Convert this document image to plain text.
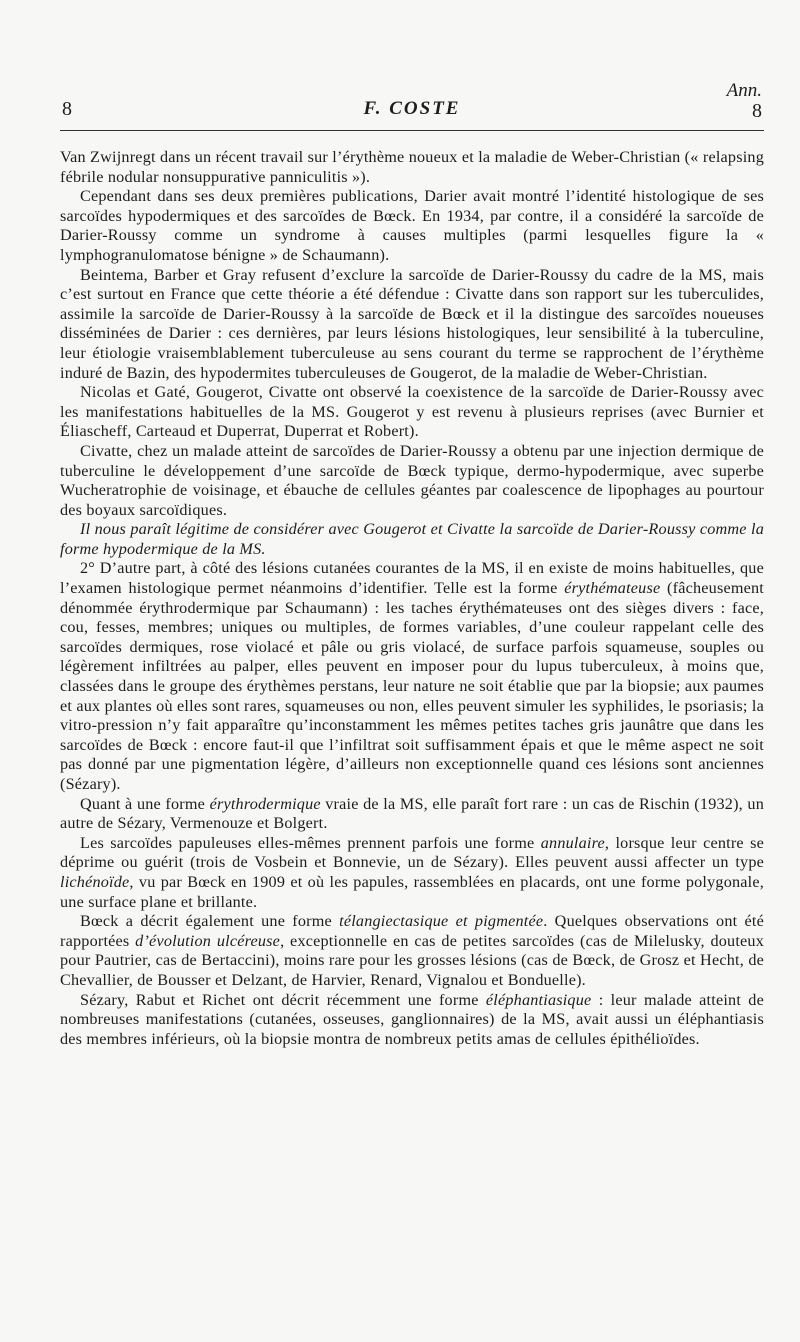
8	F. COSTE
Ann.
8

Van Zwijnregt dans un récent travail sur l’érythème noueux et la maladie de Weber-Christian (« relapsing fébrile nodular nonsuppurative panniculitis »).

Cependant dans ses deux premières publications, Darier avait montré l’identité histologique de ses sarcoïdes hypodermiques et des sarcoïdes de Bœck. En 1934, par contre, il a considéré la sarcoïde de Darier-Roussy comme un syndrome à causes multiples (parmi lesquelles figure la « lymphogranulomatose bénigne » de Schaumann).

Beintema, Barber et Gray refusent d’exclure la sarcoïde de Darier-Roussy du cadre de la MS, mais c’est surtout en France que cette théorie a été défendue : Civatte dans son rapport sur les tuberculides, assimile la sarcoïde de Darier-Roussy à la sarcoïde de Bœck et il la distingue des sarcoïdes noueuses disséminées de Darier : ces dernières, par leurs lésions histologiques, leur sensibilité à la tuberculine, leur étiologie vraisemblablement tuberculeuse au sens courant du terme se rapprochent de l’érythème induré de Bazin, des hypodermites tuberculeuses de Gougerot, de la maladie de Weber-Christian.

Nicolas et Gaté, Gougerot, Civatte ont observé la coexistence de la sarcoïde de Darier-Roussy avec les manifestations habituelles de la MS. Gougerot y est revenu à plusieurs reprises (avec Burnier et Éliascheff, Carteaud et Duperrat, Duperrat et Robert).

Civatte, chez un malade atteint de sarcoïdes de Darier-Roussy a obtenu par une injection dermique de tuberculine le développement d’une sarcoïde de Bœck typique, dermo-hypodermique, avec superbe Wucheratrophie de voisinage, et ébauche de cellules géantes par coalescence de lipophages au pourtour des boyaux sarcoïdiques.

Il nous paraît légitime de considérer avec Gougerot et Civatte la sarcoïde de Darier-Roussy comme la forme hypodermique de la MS.

2° D’autre part, à côté des lésions cutanées courantes de la MS, il en existe de moins habituelles, que l’examen histologique permet néanmoins d’identifier. Telle est la forme érythémateuse (fâcheusement dénommée érythrodermique par Schaumann) : les taches érythémateuses ont des sièges divers : face, cou, fesses, membres; uniques ou multiples, de formes variables, d’une couleur rappelant celle des sarcoïdes dermiques, rose violacé et pâle ou gris violacé, de surface parfois squameuse, souples ou légèrement infiltrées au palper, elles peuvent en imposer pour du lupus tuberculeux, à moins que, classées dans le groupe des érythèmes perstans, leur nature ne soit établie que par la biopsie; aux paumes et aux plantes où elles sont rares, squameuses ou non, elles peuvent simuler les syphilides, le psoriasis; la vitro-pression n’y fait apparaître qu’inconstamment les mêmes petites taches gris jaunâtre que dans les sarcoïdes de Bœck : encore faut-il que l’infiltrat soit suffisamment épais et que le même aspect ne soit pas donné par une pigmentation légère, d’ailleurs non exceptionnelle quand ces lésions sont anciennes (Sézary).

Quant à une forme érythrodermique vraie de la MS, elle paraît fort rare : un cas de Rischin (1932), un autre de Sézary, Vermenouze et Bolgert.

Les sarcoïdes papuleuses elles-mêmes prennent parfois une forme annulaire, lorsque leur centre se déprime ou guérit (trois de Vosbein et Bonnevie, un de Sézary). Elles peuvent aussi affecter un type lichénoïde, vu par Bœck en 1909 et où les papules, rassemblées en placards, ont une forme polygonale, une surface plane et brillante.

Bœck a décrit également une forme télangiectasique et pigmentée. Quelques observations ont été rapportées d’évolution ulcéreuse, exceptionnelle en cas de petites sarcoïdes (cas de Milelusky, douteux pour Pautrier, cas de Bertaccini), moins rare pour les grosses lésions (cas de Bœck, de Grosz et Hecht, de Chevallier, de Bousser et Delzant, de Harvier, Renard, Vignalou et Bonduelle).

Sézary, Rabut et Richet ont décrit récemment une forme éléphantiasique : leur malade atteint de nombreuses manifestations (cutanées, osseuses, ganglionnaires) de la MS, avait aussi un éléphantiasis des membres inférieurs, où la biopsie montra de nombreux petits amas de cellules épithélioïdes.
